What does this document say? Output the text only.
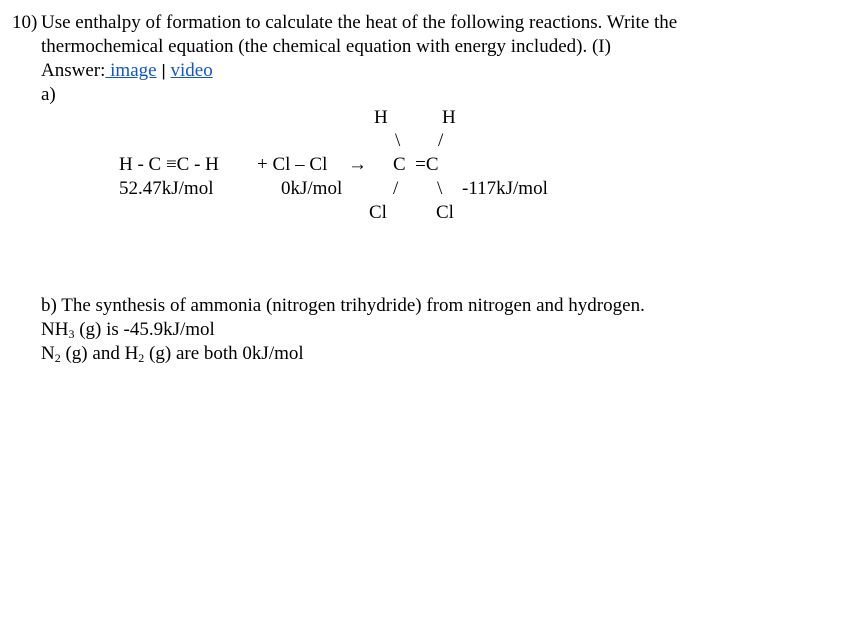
10) Use enthalpy of formation to calculate the heat of the following reactions. Write the
thermochemical equation (the chemical equation with energy included). (I)
Answer: image | video
a)
H	H
\ /
H - C ≡C - H + Cl – Cl → C  =C
52.47kJ/mol	0kJ/mol	/ \ -117kJ/mol
Cl	Cl
b) The synthesis of ammonia (nitrogen trihydride) from nitrogen and hydrogen.
$NH_3$ (g) is -45.9kJ/mol
$N_2$ (g) and $H_2$ (g) are both 0kJ/mol
